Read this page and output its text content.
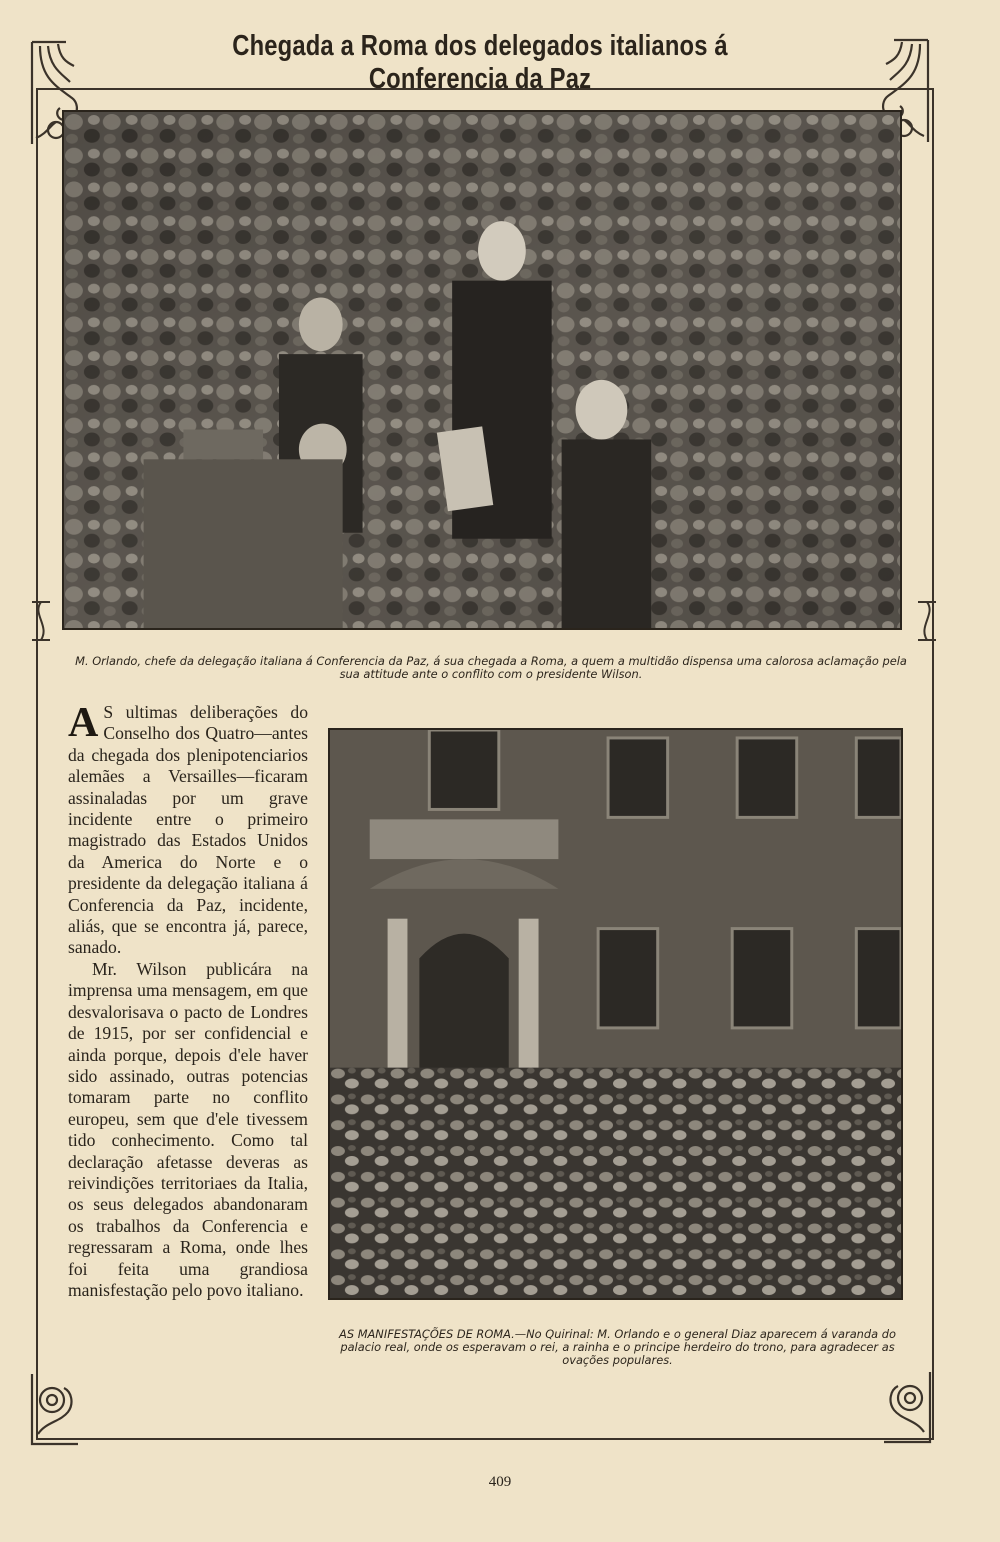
Chegada a Roma dos delegados italianos á Conferencia da Paz
M. Orlando, chefe da delegação italiana á Conferencia da Paz, á sua chegada a Roma, a quem a multidão dispensa uma calorosa aclamação pela sua attitude ante o conflito com o presidente Wilson.

A S ultimas deliberações do Conselho dos Quatro—antes da chegada dos plenipotenciarios alemães a Versailles—ficaram assinaladas por um grave incidente entre o primeiro magistrado das Estados Unidos da America do Norte e o presidente da delegação italiana á Conferencia da Paz, incidente, aliás, que se encontra já, parece, sanado.

Mr. Wilson publicára na imprensa uma mensagem, em que desvalorisava o pacto de Londres de 1915, por ser confidencial e ainda porque, depois d'ele haver sido assinado, outras potencias tomaram parte no conflito europeu, sem que d'ele tivessem tido conhecimento. Como tal declaração afetasse deveras as reivindições territoriaes da Italia, os seus delegados abandonaram os trabalhos da Conferencia e regressaram a Roma, onde lhes foi feita uma grandiosa manisfestação pelo povo italiano.

AS MANIFESTAÇÕES DE ROMA.—No Quirinal: M. Orlando e o general Diaz aparecem á varanda do palacio real, onde os esperavam o rei, a rainha e o principe herdeiro do trono, para agradecer as ovações populares.
409
